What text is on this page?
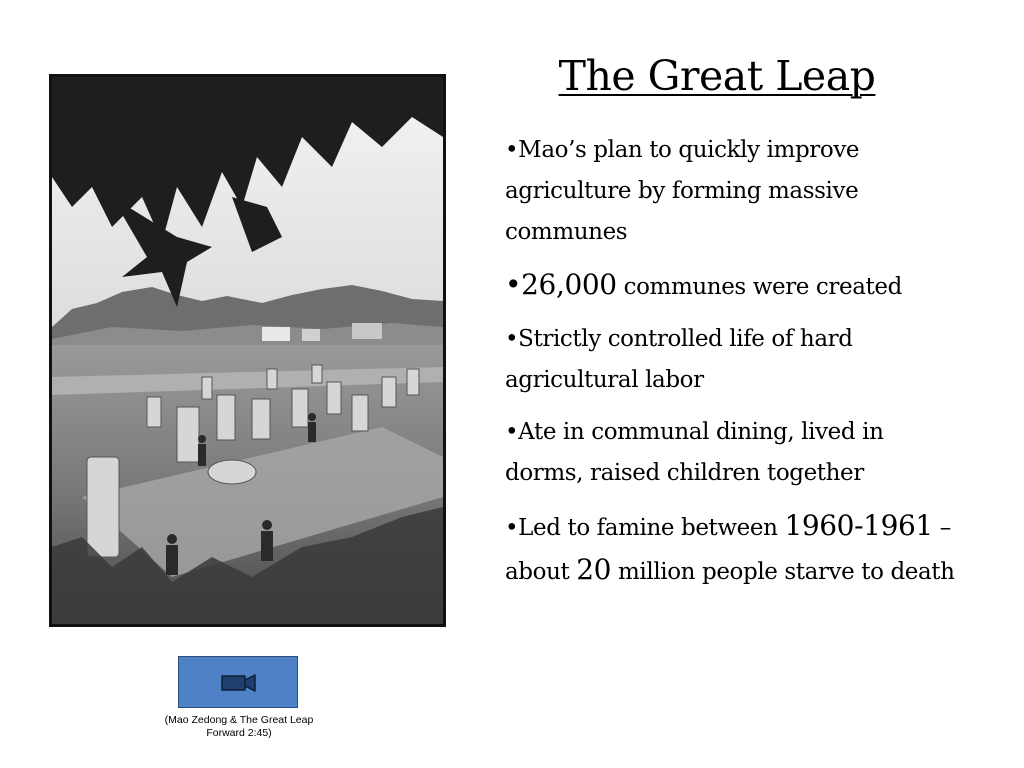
The Great Leap
•Mao’s plan to quickly improve agriculture by forming massive communes
•26,000 communes were created
•Strictly controlled life of hard agricultural labor
•Ate in communal dining, lived in dorms, raised children together
•Led to famine between 1960-1961 – about 20 million people starve to death
(Mao Zedong & The Great Leap
Forward 2:45)
